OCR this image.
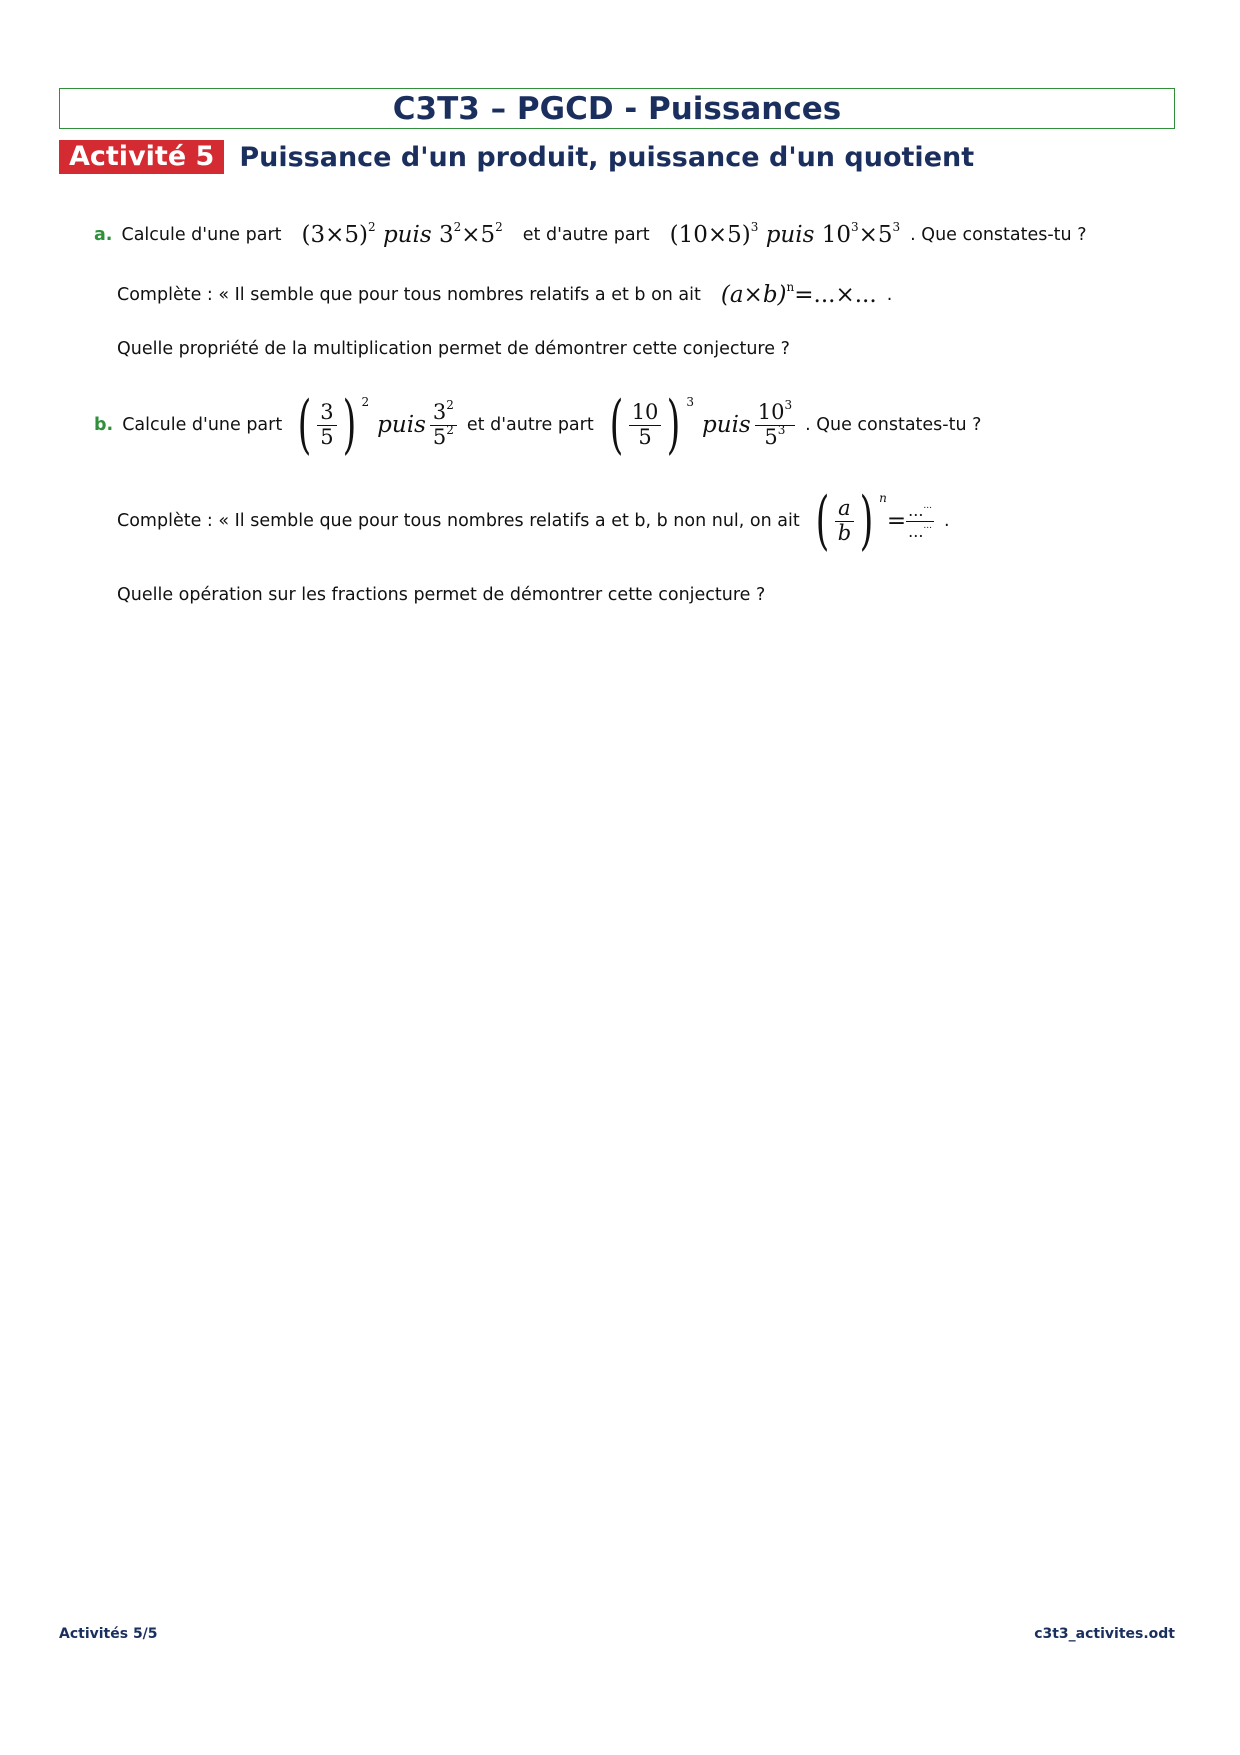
C3T3 – PGCD - Puissances
Activité 5 Puissance d'un produit, puissance d'un quotient
a. Calcule d'une part $(3\times 5)^2$ puis $3^2\times 5^2$ et d'autre part $(10\times 5)^3$ puis $10^3\times 5^3$ . Que constates-tu ?
Complète : « Il semble que pour tous nombres relatifs a et b on ait $(a\times b)^n=...\times$... .
Quelle propriété de la multiplication permet de démontrer cette conjecture ?
b. Calcule d'une part ( $\frac{3}{5}$ ) 2
puis $\frac{3^2}{5^2}$ et d'autre part ( $\frac{10}{5}$ ) 3
puis $\frac{10^3}{5^3}$ . Que constates-tu ?
Complète : « Il semble que pour tous nombres relatifs a et b, b non nul, on ait ( $\frac{a}{b}$ ) n
= $\frac{...^{...}}{...^{...}}$ .
Quelle opération sur les fractions permet de démontrer cette conjecture ?
Activités 5/5	c3t3_activites.odt
